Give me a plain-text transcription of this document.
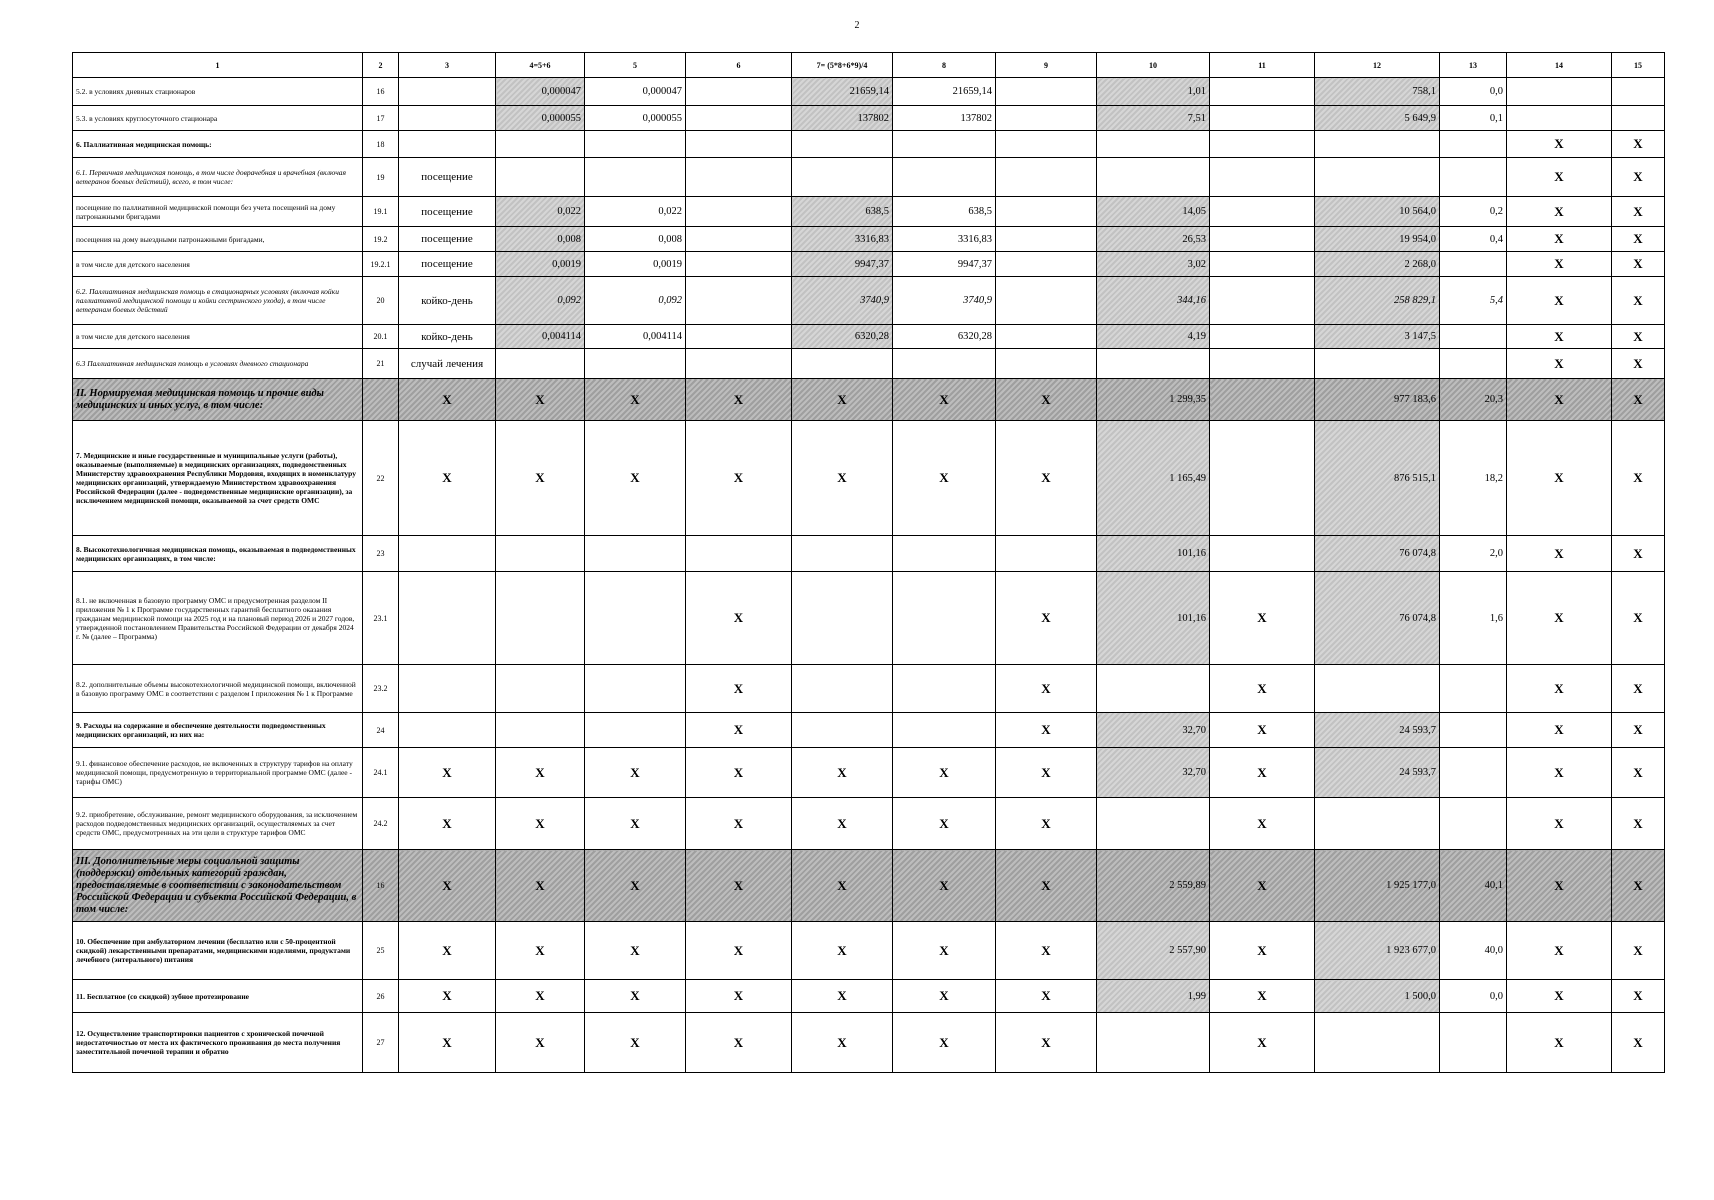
2
1	2	3	4=5+6	5	6	7= (5*8+6*9)/4	8	9	10	11	12	13	14	15
5.2. в условиях дневных стационаров	16		0,000047	0,000047		21659,14	21659,14		1,01		758,1	0,0		
5.3. в условиях круглосуточного стационара	17		0,000055	0,000055		137802	137802		7,51		5 649,9	0,1		
6. Паллиативная медицинская помощь:	18												X	X
6.1. Первичная медицинская помощь, в том числе доврачебная и врачебная (включая ветеранов боевых действий), всего, в том числе:	19	посещение											X	X
посещение по паллиативной медицинской помощи без учета посещений на дому патронажными бригадами	19.1	посещение	0,022	0,022		638,5	638,5		14,05		10 564,0	0,2	X	X
посещения на дому выездными патронажными бригадами,	19.2	посещение	0,008	0,008		3316,83	3316,83		26,53		19 954,0	0,4	X	X
в том числе для детского населения	19.2.1	посещение	0,0019	0,0019		9947,37	9947,37		3,02		2 268,0		X	X
6.2. Паллиативная медицинская помощь в стационарных условиях (включая койки паллиативной медицинской помощи и койки сестринского ухода), в том числе ветеранам боевых действий	20	койко-день	0,092	0,092		3740,9	3740,9		344,16		258 829,1	5,4	X	X
в том числе для детского населения	20.1	койко-день	0,004114	0,004114		6320,28	6320,28		4,19		3 147,5		X	X
6.3 Паллиативная медицинская помощь в условиях дневного стационара	21	случай лечения											X	X
II. Нормируемая медицинская помощь и прочие виды медицинских и иных услуг, в том числе:		X	X	X	X	X	X	X	1 299,35		977 183,6	20,3	X	X
7. Медицинские и иные государственные и муниципальные услуги (работы), оказываемые (выполняемые) в медицинских организациях, подведомственных Министерству здравоохранения Республики Мордовия, входящих в номенклатуру медицинских организаций, утверждаемую Министерством здравоохранения Российской Федерации (далее - подведомственные медицинские организации), за исключением медицинской помощи, оказываемой за счет средств ОМС	22	X	X	X	X	X	X	X	1 165,49		876 515,1	18,2	X	X
8. Высокотехнологичная медицинская помощь, оказываемая в подведомственных медицинских организациях, в том числе:	23								101,16		76 074,8	2,0	X	X
8.1. не включенная в базовую программу ОМС и предусмотренная разделом II приложения № 1 к Программе государственных гарантий бесплатного оказания гражданам медицинской помощи на 2025 год и на плановый период 2026 и 2027 годов, утвержденной постановлением Правительства Российской Федерации от декабря 2024 г. № (далее – Программа)	23.1				X			X	101,16	X	76 074,8	1,6	X	X
8.2. дополнительные объемы высокотехнологичной медицинской помощи, включенной в базовую программу ОМС в соответствии с разделом I приложения № 1 к Программе	23.2				X			X		X			X	X
9. Расходы на содержание и обеспечение деятельности подведомственных медицинских организаций, из них на:	24				X			X	32,70	X	24 593,7		X	X
9.1. финансовое обеспечение расходов, не включенных в структуру тарифов на оплату медицинской помощи, предусмотренную в территориальной программе ОМС (далее - тарифы ОМС)	24.1	X	X	X	X	X	X	X	32,70	X	24 593,7		X	X
9.2. приобретение, обслуживание, ремонт медицинского оборудования, за исключением расходов подведомственных медицинских организаций, осуществляемых за счет средств ОМС, предусмотренных на эти цели в структуре тарифов ОМС	24.2	X	X	X	X	X	X	X		X			X	X
III. Дополнительные меры социальной защиты (поддержки) отдельных категорий граждан, предоставляемые в соответствии с законодательством Российской Федерации и субъекта Российской Федерации, в том числе:	16	X	X	X	X	X	X	X	2 559,89	X	1 925 177,0	40,1	X	X
10. Обеспечение при амбулаторном лечении (бесплатно или с 50-процентной скидкой) лекарственными препаратами, медицинскими изделиями, продуктами лечебного (энтерального) питания	25	X	X	X	X	X	X	X	2 557,90	X	1 923 677,0	40,0	X	X
11. Бесплатное (со скидкой) зубное протезирование	26	X	X	X	X	X	X	X	1,99	X	1 500,0	0,0	X	X
12. Осуществление транспортировки пациентов с хронической почечной недостаточностью от места их фактического проживания до места получения заместительной почечной терапии и обратно	27	X	X	X	X	X	X	X		X			X	X
